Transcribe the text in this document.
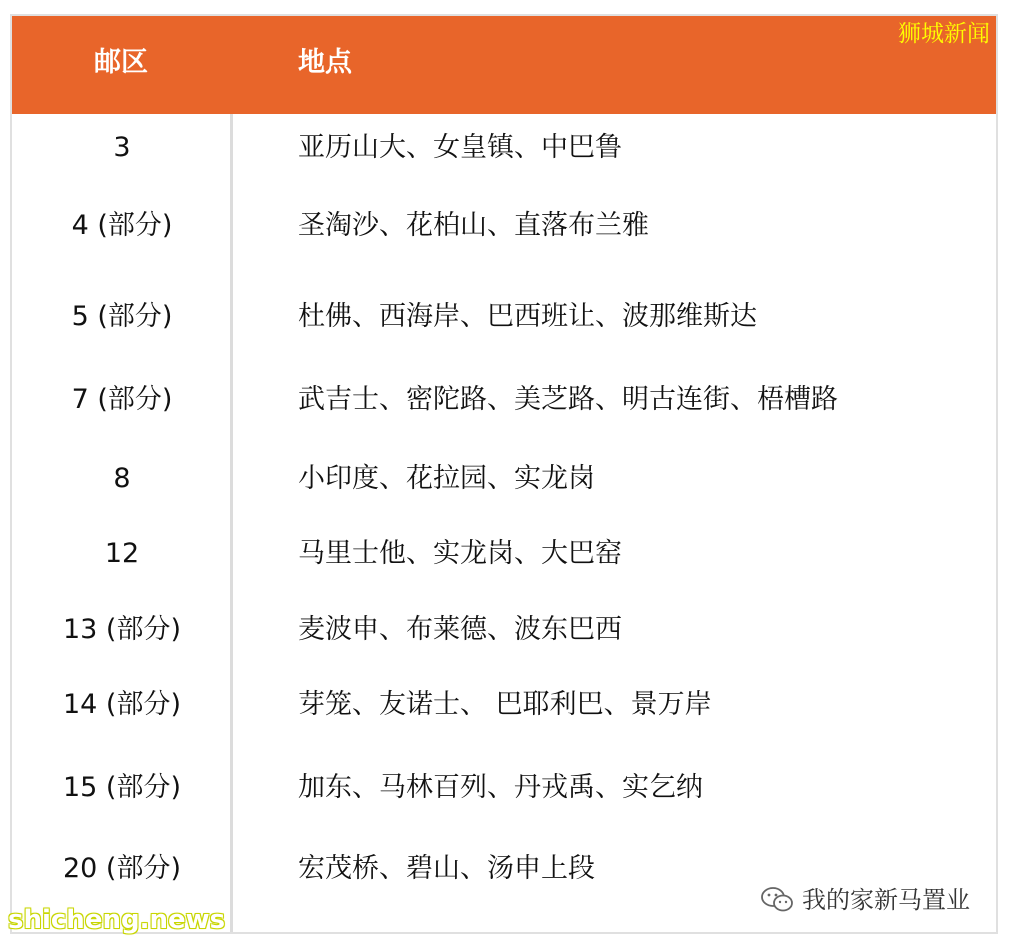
邮区	地点
狮城新闻
3	亚历山大、女皇镇、中巴鲁
4 (部分)	圣淘沙、花柏山、直落布兰雅
5 (部分)	杜佛、西海岸、巴西班让、波那维斯达
7 (部分)	武吉士、密陀路、美芝路、明古连街、梧槽路
8	小印度、花拉园、实龙岗
12	马里士他、实龙岗、大巴窑
13 (部分)	麦波申、布莱德、波东巴西
14 (部分)	芽笼、友诺士、 巴耶利巴、景万岸
15 (部分)	加东、马林百列、丹戎禹、实乞纳
20 (部分)	宏茂桥、碧山、汤申上段
shicheng.news
我的家新马置业
